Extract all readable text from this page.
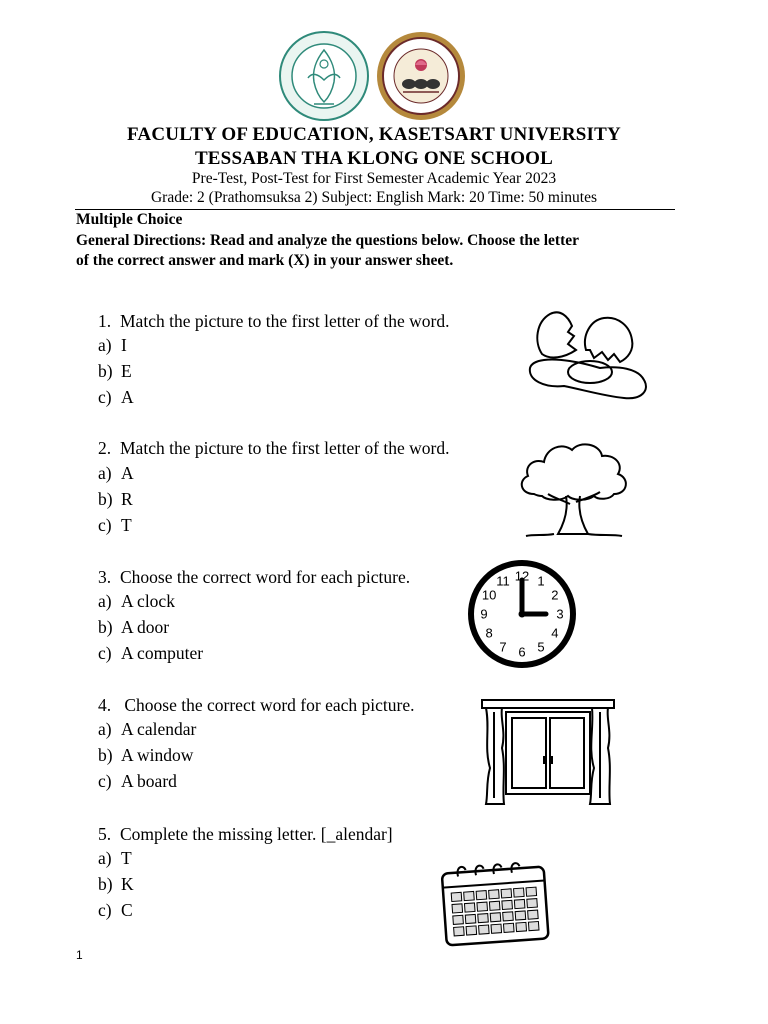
FACULTY OF EDUCATION, KASETSART UNIVERSITY
TESSABAN THA KLONG ONE SCHOOL
Pre-Test, Post-Test for First Semester Academic Year 2023
Grade: 2 (Prathomsuksa 2) Subject: English Mark: 20 Time: 50 minutes
Multiple Choice
General Directions: Read and analyze the questions below. Choose the letter
of the correct answer and mark (X) in your answer sheet.
1. Match the picture to the first letter of the word.
a) I
b) E
c) A
2. Match the picture to the first letter of the word.
a) A
b) R
c) T
3. Choose the correct word for each picture.
a) A clock
b) A door
c) A computer
12 1
2
3
4
5
6
7
8
9
10
11
4. Choose the correct word for each picture.
a) A calendar
b) A window
c) A board
5. Complete the missing letter. [_alendar]
a) T
b) K
c) C
1
